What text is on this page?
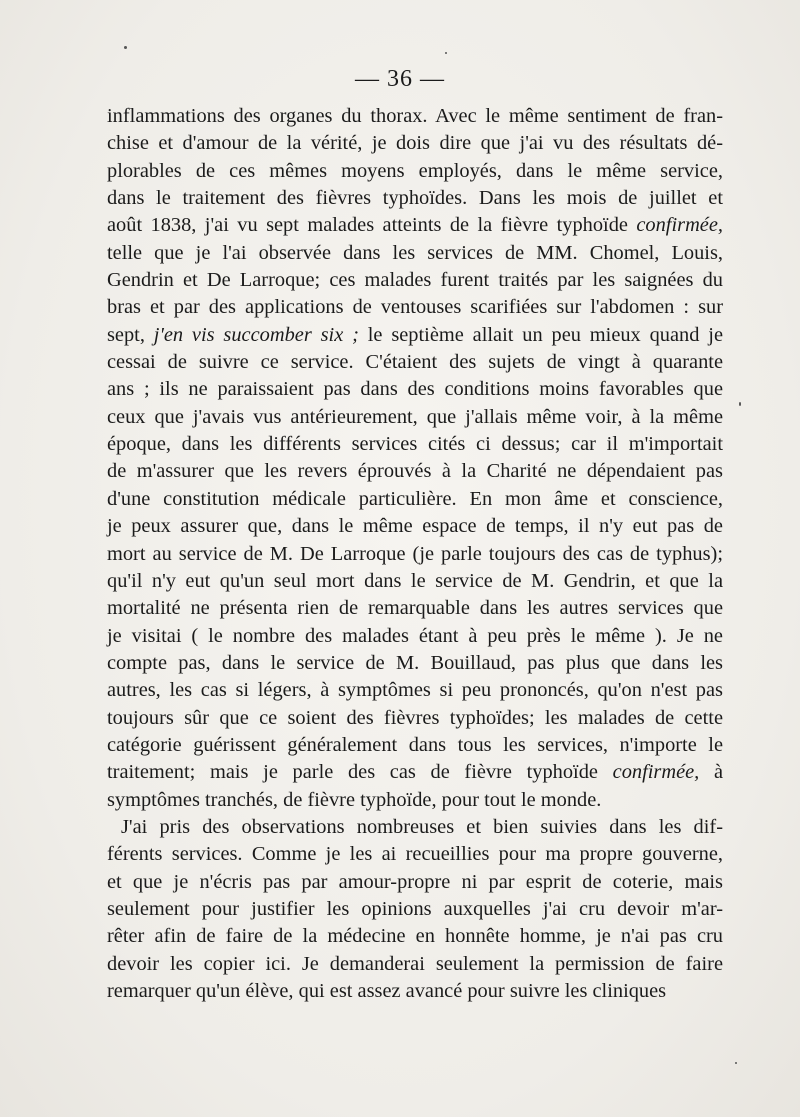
— 36 —
inflammations des organes du thorax. Avec le même sentiment de fran-
chise et d'amour de la vérité, je dois dire que j'ai vu des résultats dé-
plorables de ces mêmes moyens employés, dans le même service,
dans le traitement des fièvres typhoïdes. Dans les mois de juillet et
août 1838, j'ai vu sept malades atteints de la fièvre typhoïde confirmée,
telle que je l'ai observée dans les services de MM. Chomel, Louis,
Gendrin et De Larroque; ces malades furent traités par les saignées du
bras et par des applications de ventouses scarifiées sur l'abdomen : sur
sept, j'en vis succomber six ; le septième allait un peu mieux quand je
cessai de suivre ce service. C'étaient des sujets de vingt à quarante
ans ; ils ne paraissaient pas dans des conditions moins favorables que
ceux que j'avais vus antérieurement, que j'allais même voir, à la même
époque, dans les différents services cités ci dessus; car il m'importait
de m'assurer que les revers éprouvés à la Charité ne dépendaient pas
d'une constitution médicale particulière. En mon âme et conscience,
je peux assurer que, dans le même espace de temps, il n'y eut pas de
mort au service de M. De Larroque (je parle toujours des cas de typhus);
qu'il n'y eut qu'un seul mort dans le service de M. Gendrin, et que la
mortalité ne présenta rien de remarquable dans les autres services que
je visitai ( le nombre des malades étant à peu près le même ). Je ne
compte pas, dans le service de M. Bouillaud, pas plus que dans les
autres, les cas si légers, à symptômes si peu prononcés, qu'on n'est pas
toujours sûr que ce soient des fièvres typhoïdes; les malades de cette
catégorie guérissent généralement dans tous les services, n'importe le
traitement; mais je parle des cas de fièvre typhoïde confirmée, à
symptômes tranchés, de fièvre typhoïde, pour tout le monde.
J'ai pris des observations nombreuses et bien suivies dans les dif-
férents services. Comme je les ai recueillies pour ma propre gouverne,
et que je n'écris pas par amour-propre ni par esprit de coterie, mais
seulement pour justifier les opinions auxquelles j'ai cru devoir m'ar-
rêter afin de faire de la médecine en honnête homme, je n'ai pas cru
devoir les copier ici. Je demanderai seulement la permission de faire
remarquer qu'un élève, qui est assez avancé pour suivre les cliniques
